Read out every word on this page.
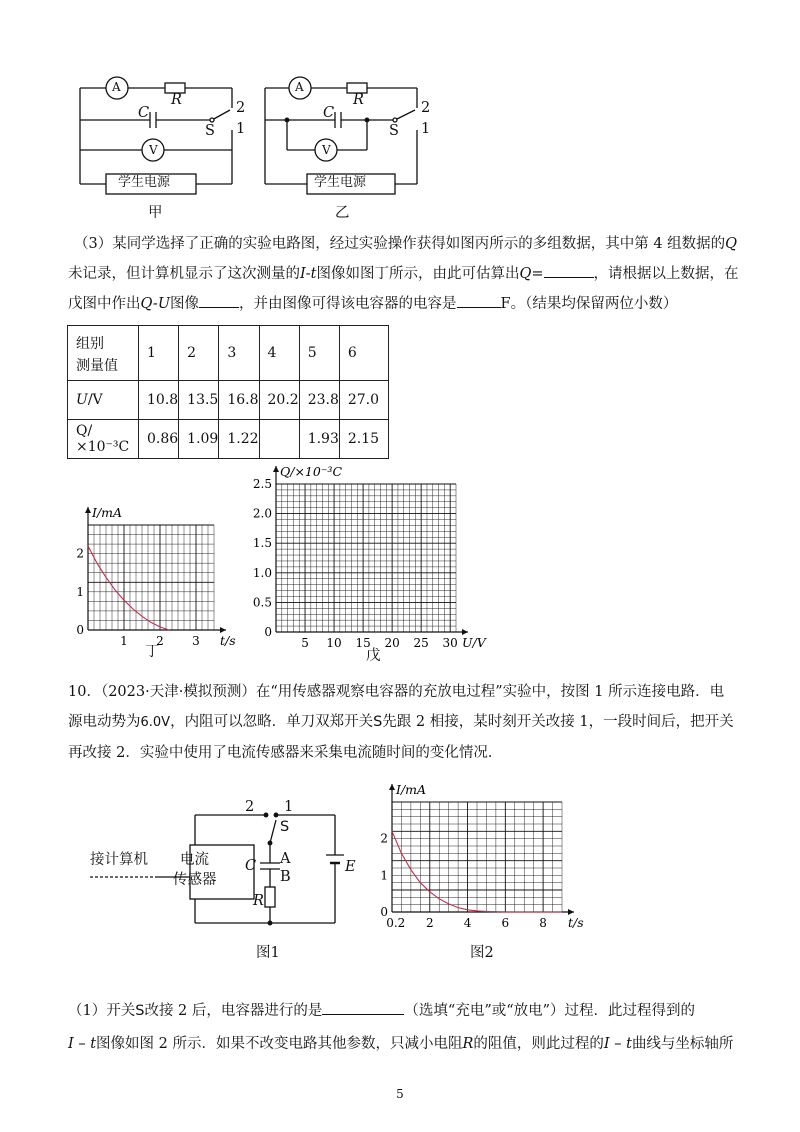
A
R	2
C
S 1
V
学生电源
甲
A
R	2
C
S 1
V
学生电源
乙
（3）某同学选择了正确的实验电路图，经过实验操作获得如图丙所示的多组数据，其中第 4 组数据的Q
未记录，但计算机显示了这次测量的I-t图像如图丁所示，由此可估算出Q=	，请根据以上数据，在
戊图中作出Q-U图像	，并由图像可得该电容器的电容是	F。（结果均保留两位小数）
组别
测量值	1	2	3	4	5	6
U/V	10.8	13.5	16.8	20.2	23.8	27.0
Q/×10⁻³C	0.86	1.09	1.22		1.93	2.15
1 2 3
0
1
2
t/s
I/mA
丁
5 10 15 20 25 30
0
0.5
1.0
1.5
2.0
2.5
U/V
Q/×10⁻³C
戊
10．（2023·天津·模拟预测）在“用传感器观察电容器的充放电过程”实验中，按图 1 所示连接电路．电
源电动势为6.0V，内阻可以忽略．单刀双郑开关S先跟 2 相接，某时刻开关改接 1，一段时间后，把开关
再改接 2．实验中使用了电流传感器来采集电流随时间的变化情况．
2 1
S
C A
B
R
E
接计算机 电流
传感器
图1
0.2 2	4	6	8
0
1
2
t/s
I/mA
图2
（1）开关S改接 2 后，电容器进行的是	（选填“充电”或“放电”）过程．此过程得到的
I – t图像如图 2 所示．如果不改变电路其他参数，只减小电阻R的阻值，则此过程的I – t曲线与坐标轴所
5
